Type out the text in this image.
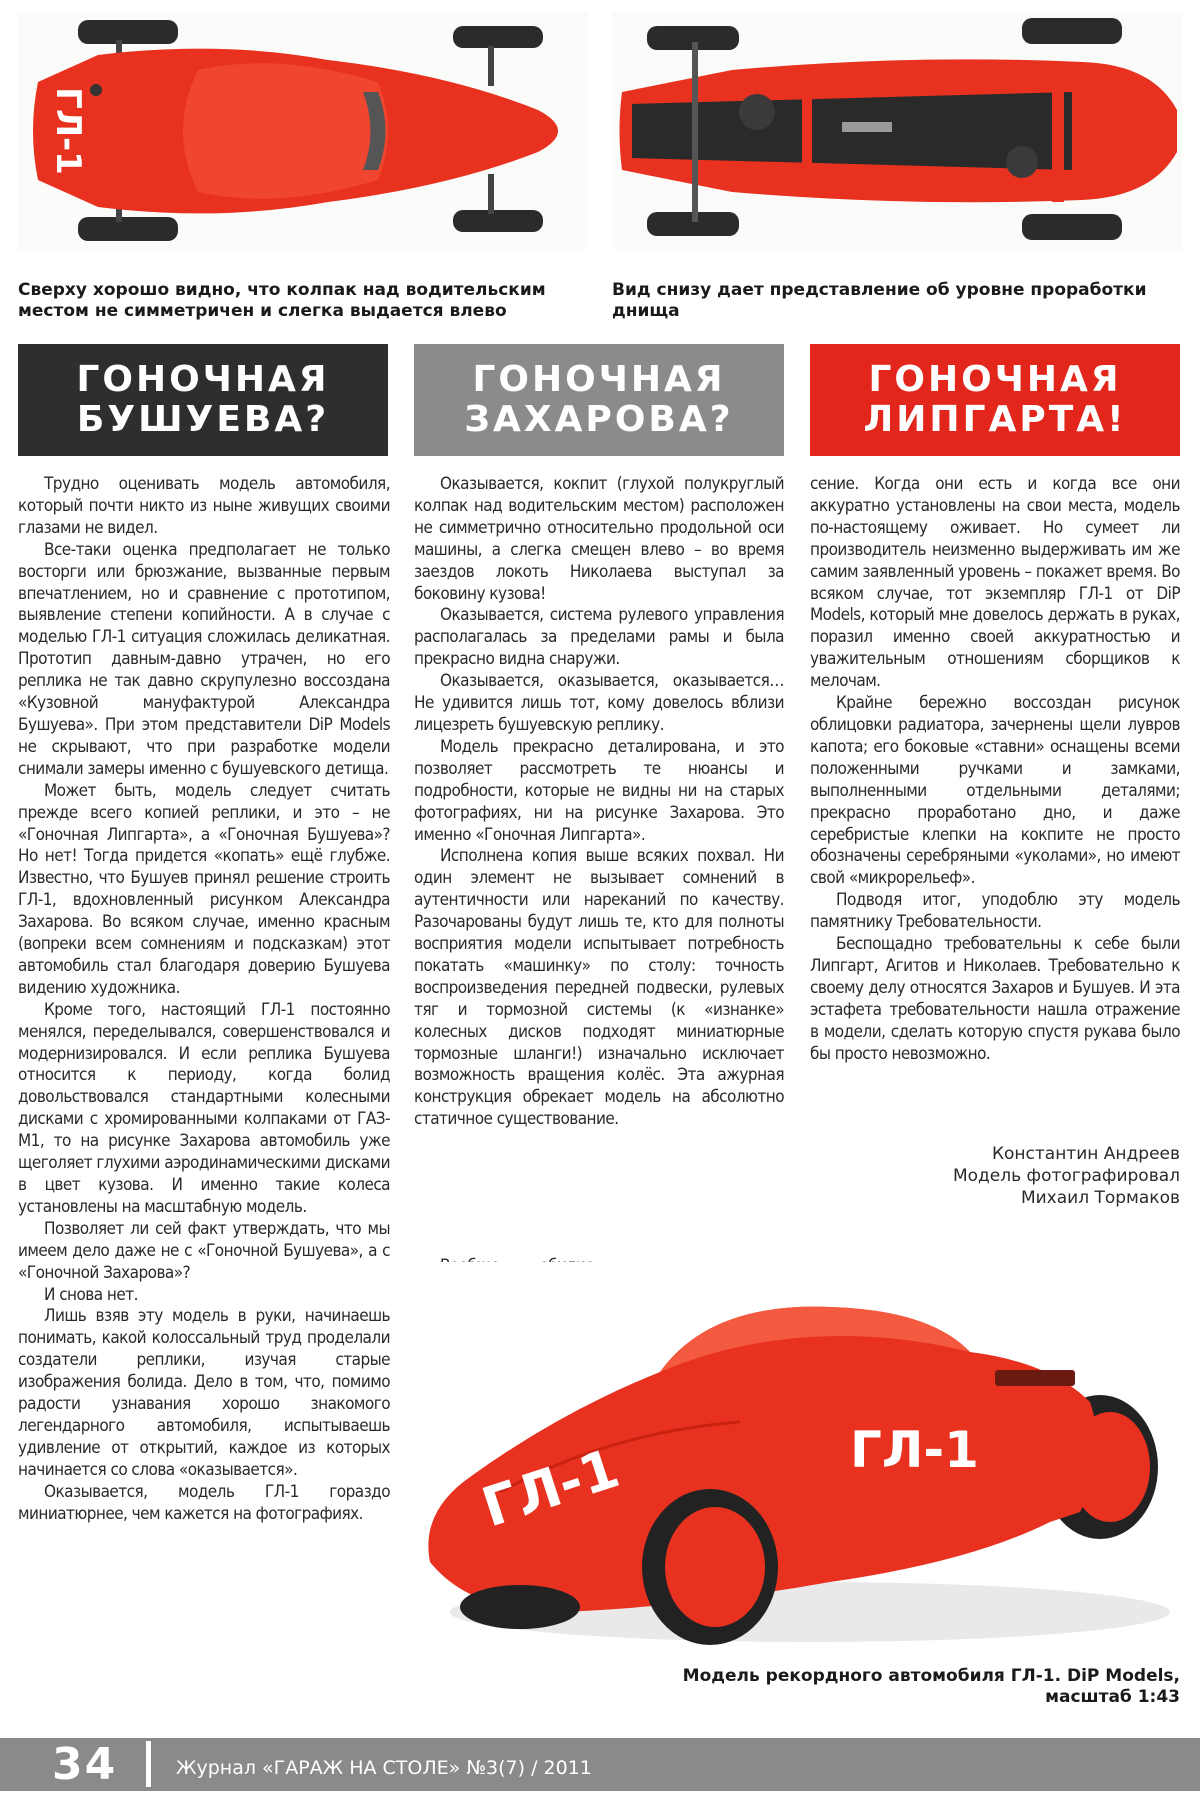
ГЛ-1
Сверху хорошо видно, что колпак над водительским местом не симметричен и слегка выдается влево
Вид снизу дает представление об уровне проработки днища
ГОНОЧНАЯ
БУШУЕВА?
ГОНОЧНАЯ
ЗАХАРОВА?
ГОНОЧНАЯ
ЛИПГАРТА!

Трудно оценивать модель автомобиля, который почти никто из ныне живущих своими глазами не видел.

Все-таки оценка предполагает не только восторги или брюзжание, вызванные первым впечатлением, но и сравнение с прототипом, выявление степени копийности. А в случае с моделью ГЛ-1 ситуация сложилась деликатная. Прототип давным-давно утрачен, но его реплика не так давно скрупулезно воссоздана «Кузовной мануфактурой Александра Бушуева». При этом представители DiP Models не скрывают, что при разработке модели снимали замеры именно с бушуевского детища.

Может быть, модель следует считать прежде всего копией реплики, и это – не «Гоночная Липгарта», а «Гоночная Бушуева»? Но нет! Тогда придется «копать» ещё глубже. Известно, что Бушуев принял решение строить ГЛ-1, вдохновленный рисунком Александра Захарова. Во всяком случае, именно красным (вопреки всем сомнениям и подсказкам) этот автомобиль стал благодаря доверию Бушуева видению художника.

Кроме того, настоящий ГЛ-1 постоянно менялся, переделывался, совершенствовался и модернизировался. И если реплика Бушуева относится к периоду, когда болид довольствовался стандартными колесными дисками с хромированными колпаками от ГАЗ-М1, то на рисунке Захарова автомобиль уже щеголяет глухими аэродинамическими дисками в цвет кузова. И именно такие колеса установлены на масштабную модель.

Позволяет ли сей факт утверждать, что мы имеем дело даже не с «Гоночной Бушуева», а с «Гоночной Захарова»?

И снова нет.

Лишь взяв эту модель в руки, начинаешь понимать, какой колоссальный труд проделали создатели реплики, изучая старые изображения болида. Дело в том, что, помимо радости узнавания хорошо знакомого легендарного автомобиля, испытываешь удивление от открытий, каждое из которых начинается со слова «оказывается».

Оказывается, модель ГЛ-1 гораздо миниатюрнее, чем кажется на фотографиях.

Оказывается, кокпит (глухой полукруглый колпак над водительским местом) расположен не симметрично относительно продольной оси машины, а слегка смещен влево – во время заездов локоть Николаева выступал за боковину кузова!

Оказывается, система рулевого управления располагалась за пределами рамы и была прекрасно видна снаружи.

Оказывается, оказывается, оказывается… Не удивится лишь тот, кому довелось вблизи лицезреть бушуевскую реплику.

Модель прекрасно деталирована, и это позволяет рассмотреть те нюансы и подробности, которые не видны ни на старых фотографиях, ни на рисунке Захарова. Это именно «Гоночная Липгарта».

Исполнена копия выше всяких похвал. Ни один элемент не вызывает сомнений в аутентичности или нареканий по качеству. Разочарованы будут лишь те, кто для полноты восприятия модели испытывает потребность покатать «машинку» по столу: точность воспроизведения передней подвески, рулевых тяг и тормозной системы (к «изнанке» колесных дисков подходят миниатюрные тормозные шланги!) изначально исключает возможность вращения колёс. Эта ажурная конструкция обрекает модель на абсолютно статичное существование.

сение. Когда они есть и когда все они аккуратно установлены на свои места, модель по-настоящему оживает. Но сумеет ли производитель неизменно выдерживать им же самим заявленный уровень – покажет время. Во всяком случае, тот экземпляр ГЛ-1 от DiP Models, который мне довелось держать в руках, поразил именно своей аккуратностью и уважительным отношениям сборщиков к мелочам.

Крайне бережно воссоздан рисунок облицовки радиатора, зачернены щели лувров капота; его боковые «ставни» оснащены всеми положенными ручками и замками, выполненными отдельными деталями; прекрасно проработано дно, и даже серебристые клепки на кокпите не просто обозначены серебряными «уколами», но имеют свой «микрорельеф».

Подводя итог, уподоблю эту модель памятнику Требовательности.

Беспощадно требовательны к себе были Липгарт, Агитов и Николаев. Требовательно к своему делу относятся Захаров и Бушуев. И эта эстафета требовательности нашла отражение в модели, сделать которую спустя рукава было бы просто невозможно.

Константин Андреев
Модель фотографировал
Михаил Тормаков
ГЛ-1	ГЛ-1
Модель рекордного автомобиля ГЛ-1. DiP Models, масштаб 1:43
34	Журнал «ГАРАЖ НА СТОЛЕ» №3(7) / 2011
